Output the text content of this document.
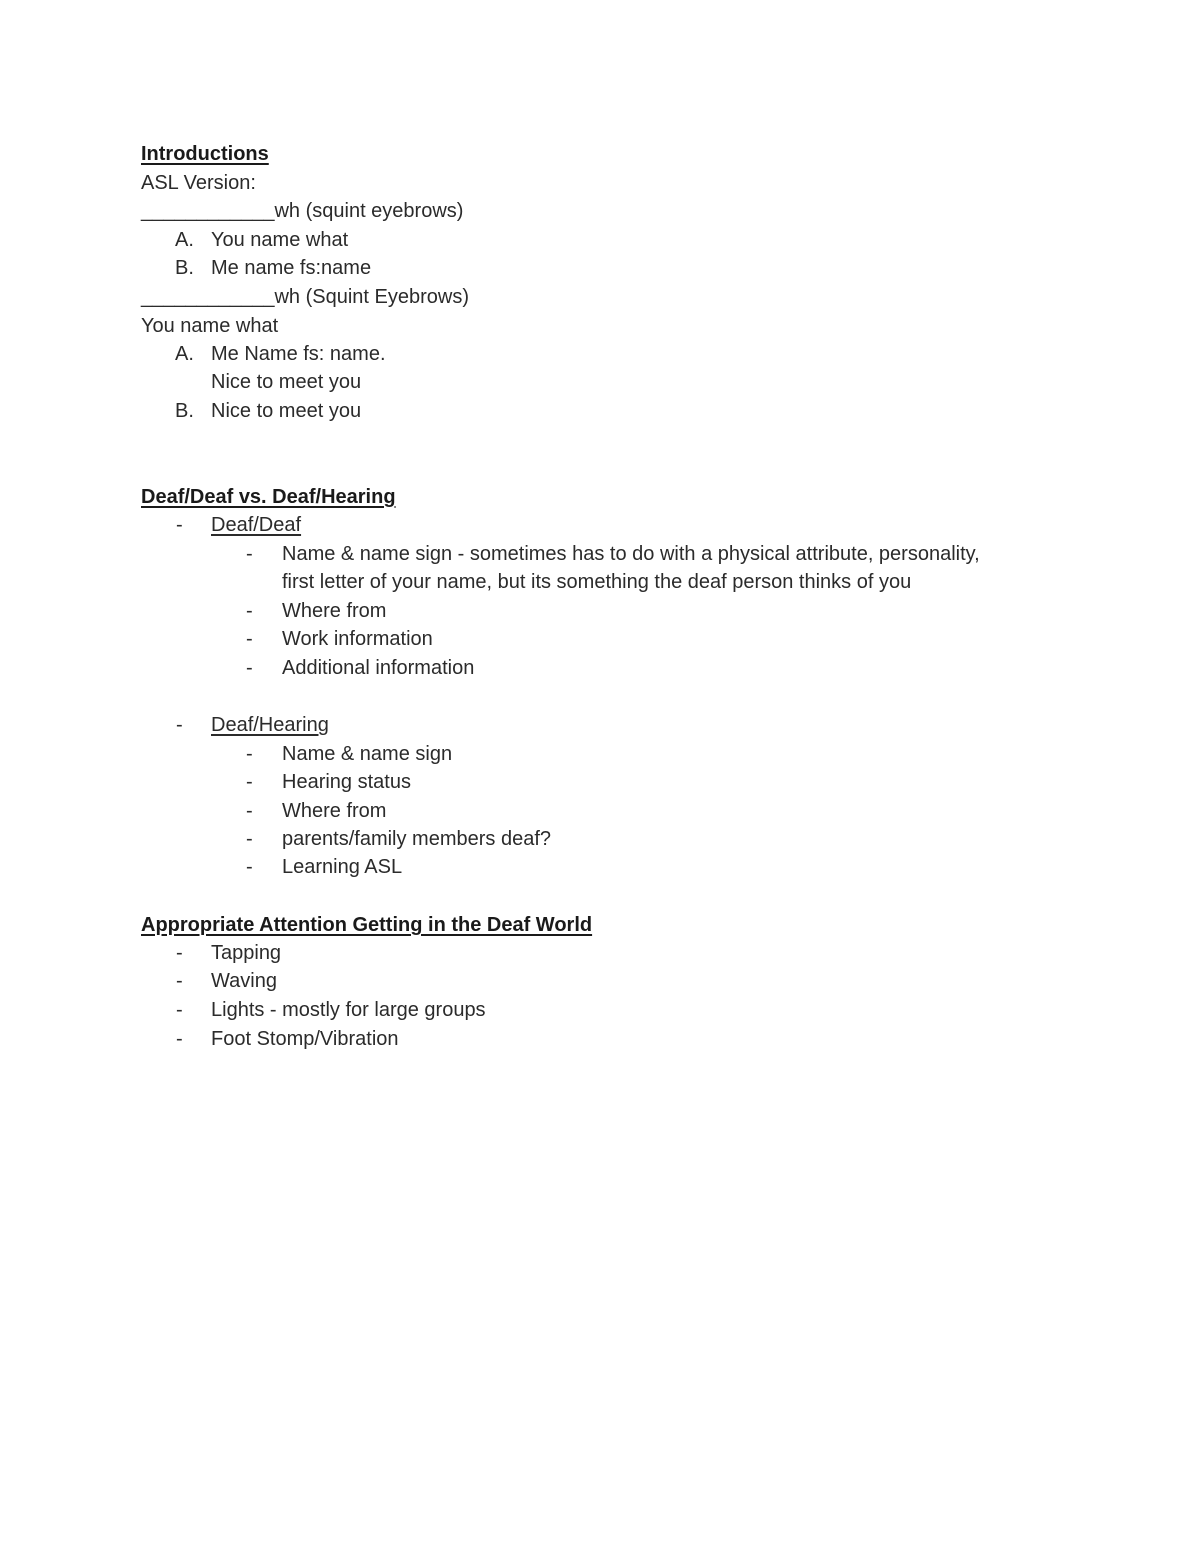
Introductions
ASL Version:
____________wh (squint eyebrows)
A. You name what
B. Me name fs:name
____________wh (Squint Eyebrows)
You name what
A. Me Name fs: name.
Nice to meet you
B. Nice to meet you
Deaf/Deaf vs. Deaf/Hearing
- Deaf/Deaf
- Name & name sign - sometimes has to do with a physical attribute, personality,
first letter of your name, but its something the deaf person thinks of you
- Where from
- Work information
- Additional information
- Deaf/Hearing
- Name & name sign
- Hearing status
- Where from
- parents/family members deaf?
- Learning ASL
Appropriate Attention Getting in the Deaf World
- Tapping
- Waving
- Lights - mostly for large groups
- Foot Stomp/Vibration
